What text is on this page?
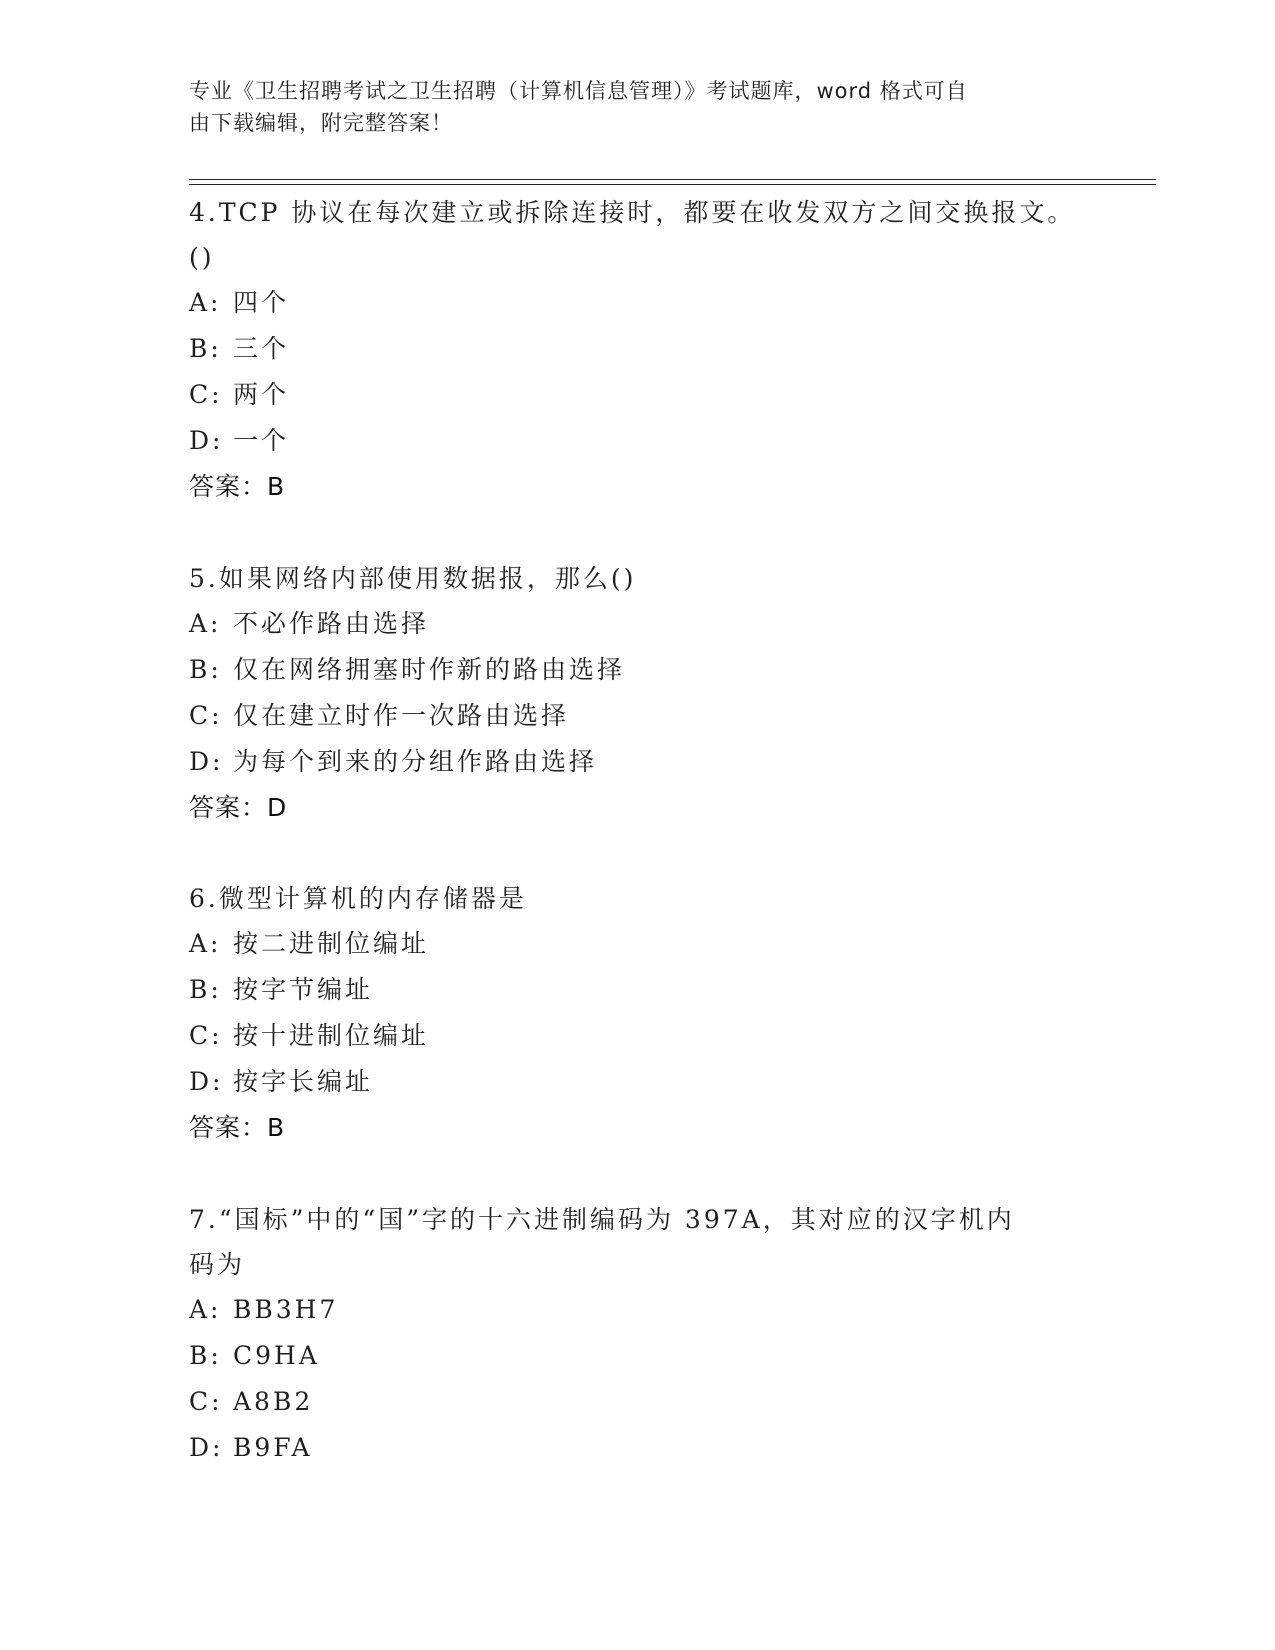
专业《卫生招聘考试之卫生招聘（计算机信息管理）》考试题库，word 格式可自
由下载编辑，附完整答案！

4.TCP 协议在每次建立或拆除连接时，都要在收发双方之间交换报文。

()

A: 四个

B: 三个

C: 两个

D: 一个

答案：B

5.如果网络内部使用数据报，那么()

A: 不必作路由选择

B: 仅在网络拥塞时作新的路由选择

C: 仅在建立时作一次路由选择

D: 为每个到来的分组作路由选择

答案：D

6.微型计算机的内存储器是

A: 按二进制位编址

B: 按字节编址

C: 按十进制位编址

D: 按字长编址

答案：B

7.“国标”中的“国”字的十六进制编码为 397A，其对应的汉字机内

码为

A: BB3H7

B: C9HA

C: A8B2

D: B9FA
